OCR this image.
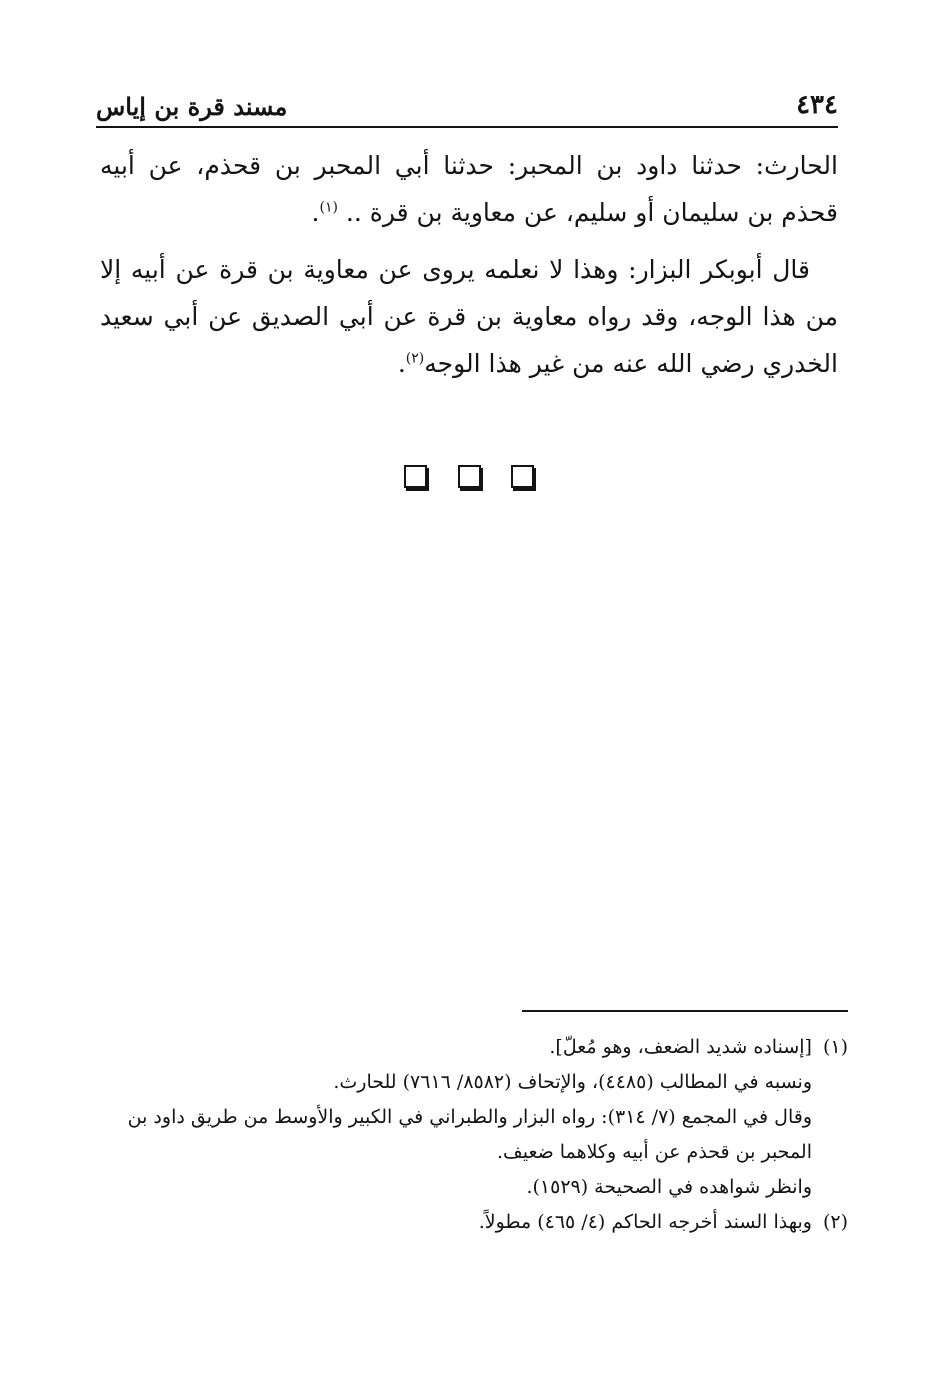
٤٣٤
مسند قرة بن إياس

الحارث: حدثنا داود بن المحبر: حدثنا أبي المحبر بن قحذم، عن أبيه قحذم بن سليمان أو سليم، عن معاوية بن قرة .. $^{(١)}$.

قال أبوبكر البزار: وهذا لا نعلمه يروى عن معاوية بن قرة عن أبيه إلا من هذا الوجه، وقد رواه معاوية بن قرة عن أبي الصديق عن أبي سعيد الخدري رضي الله عنه من غير هذا الوجه$^{(٢)}$.

(١) [إسناده شديد الضعف، وهو مُعلّ].

ونسبه في المطالب (٤٤٨٥)، والإتحاف (٨٥٨٢/ ٧٦١٦) للحارث.

وقال في المجمع (٧/ ٣١٤): رواه البزار والطبراني في الكبير والأوسط من طريق داود بن المحبر بن قحذم عن أبيه وكلاهما ضعيف.

وانظر شواهده في الصحيحة (١٥٢٩).

(٢) وبهذا السند أخرجه الحاكم (٤/ ٤٦٥) مطولاً.
